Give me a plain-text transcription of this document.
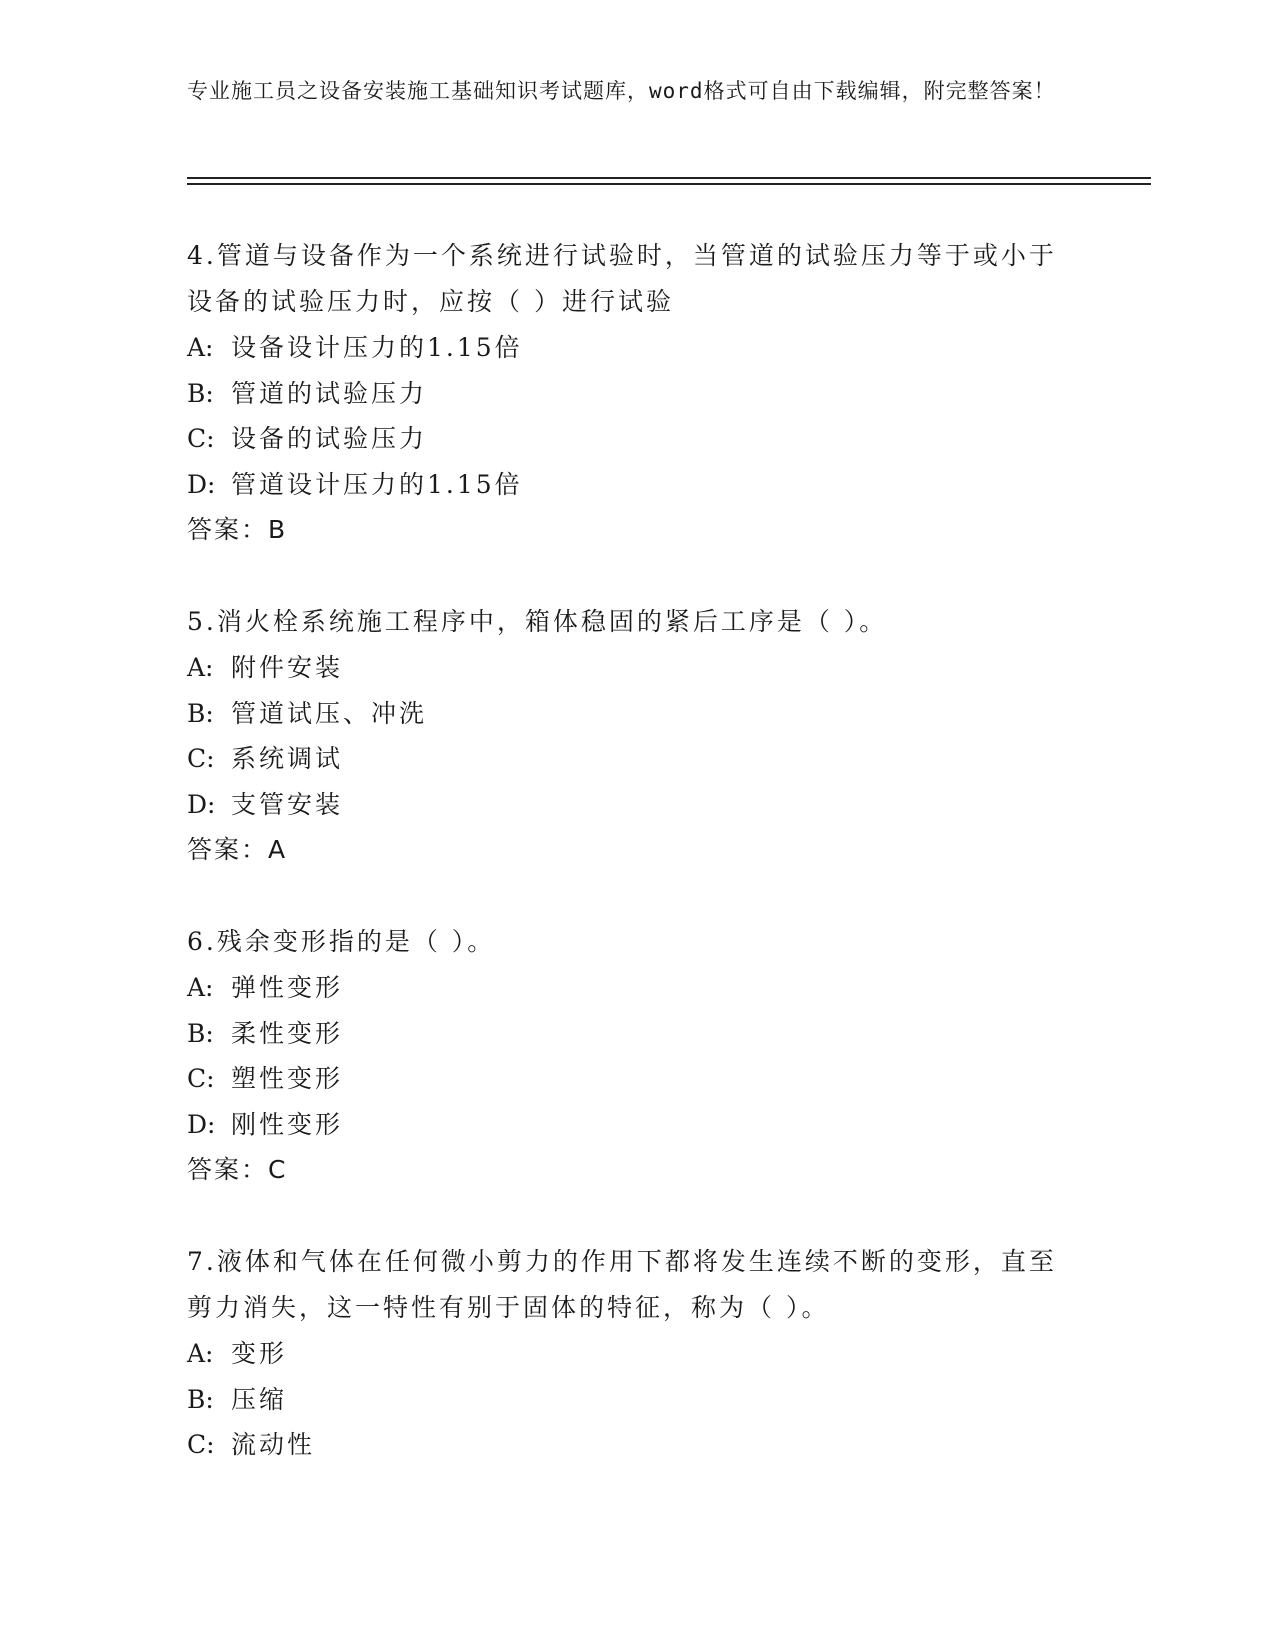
专业施工员之设备安装施工基础知识考试题库，word格式可自由下载编辑，附完整答案！
4.管道与设备作为一个系统进行试验时，当管道的试验压力等于或小于设备的试验压力时，应按（ ）进行试验
A: 设备设计压力的1.15倍
B: 管道的试验压力
C: 设备的试验压力
D: 管道设计压力的1.15倍
答案：B
5.消火栓系统施工程序中，箱体稳固的紧后工序是（ ）。
A: 附件安装
B: 管道试压、冲洗
C: 系统调试
D: 支管安装
答案：A
6.残余变形指的是（ ）。
A: 弹性变形
B: 柔性变形
C: 塑性变形
D: 刚性变形
答案：C
7.液体和气体在任何微小剪力的作用下都将发生连续不断的变形，直至剪力消失，这一特性有别于固体的特征，称为（ ）。
A: 变形
B: 压缩
C: 流动性
